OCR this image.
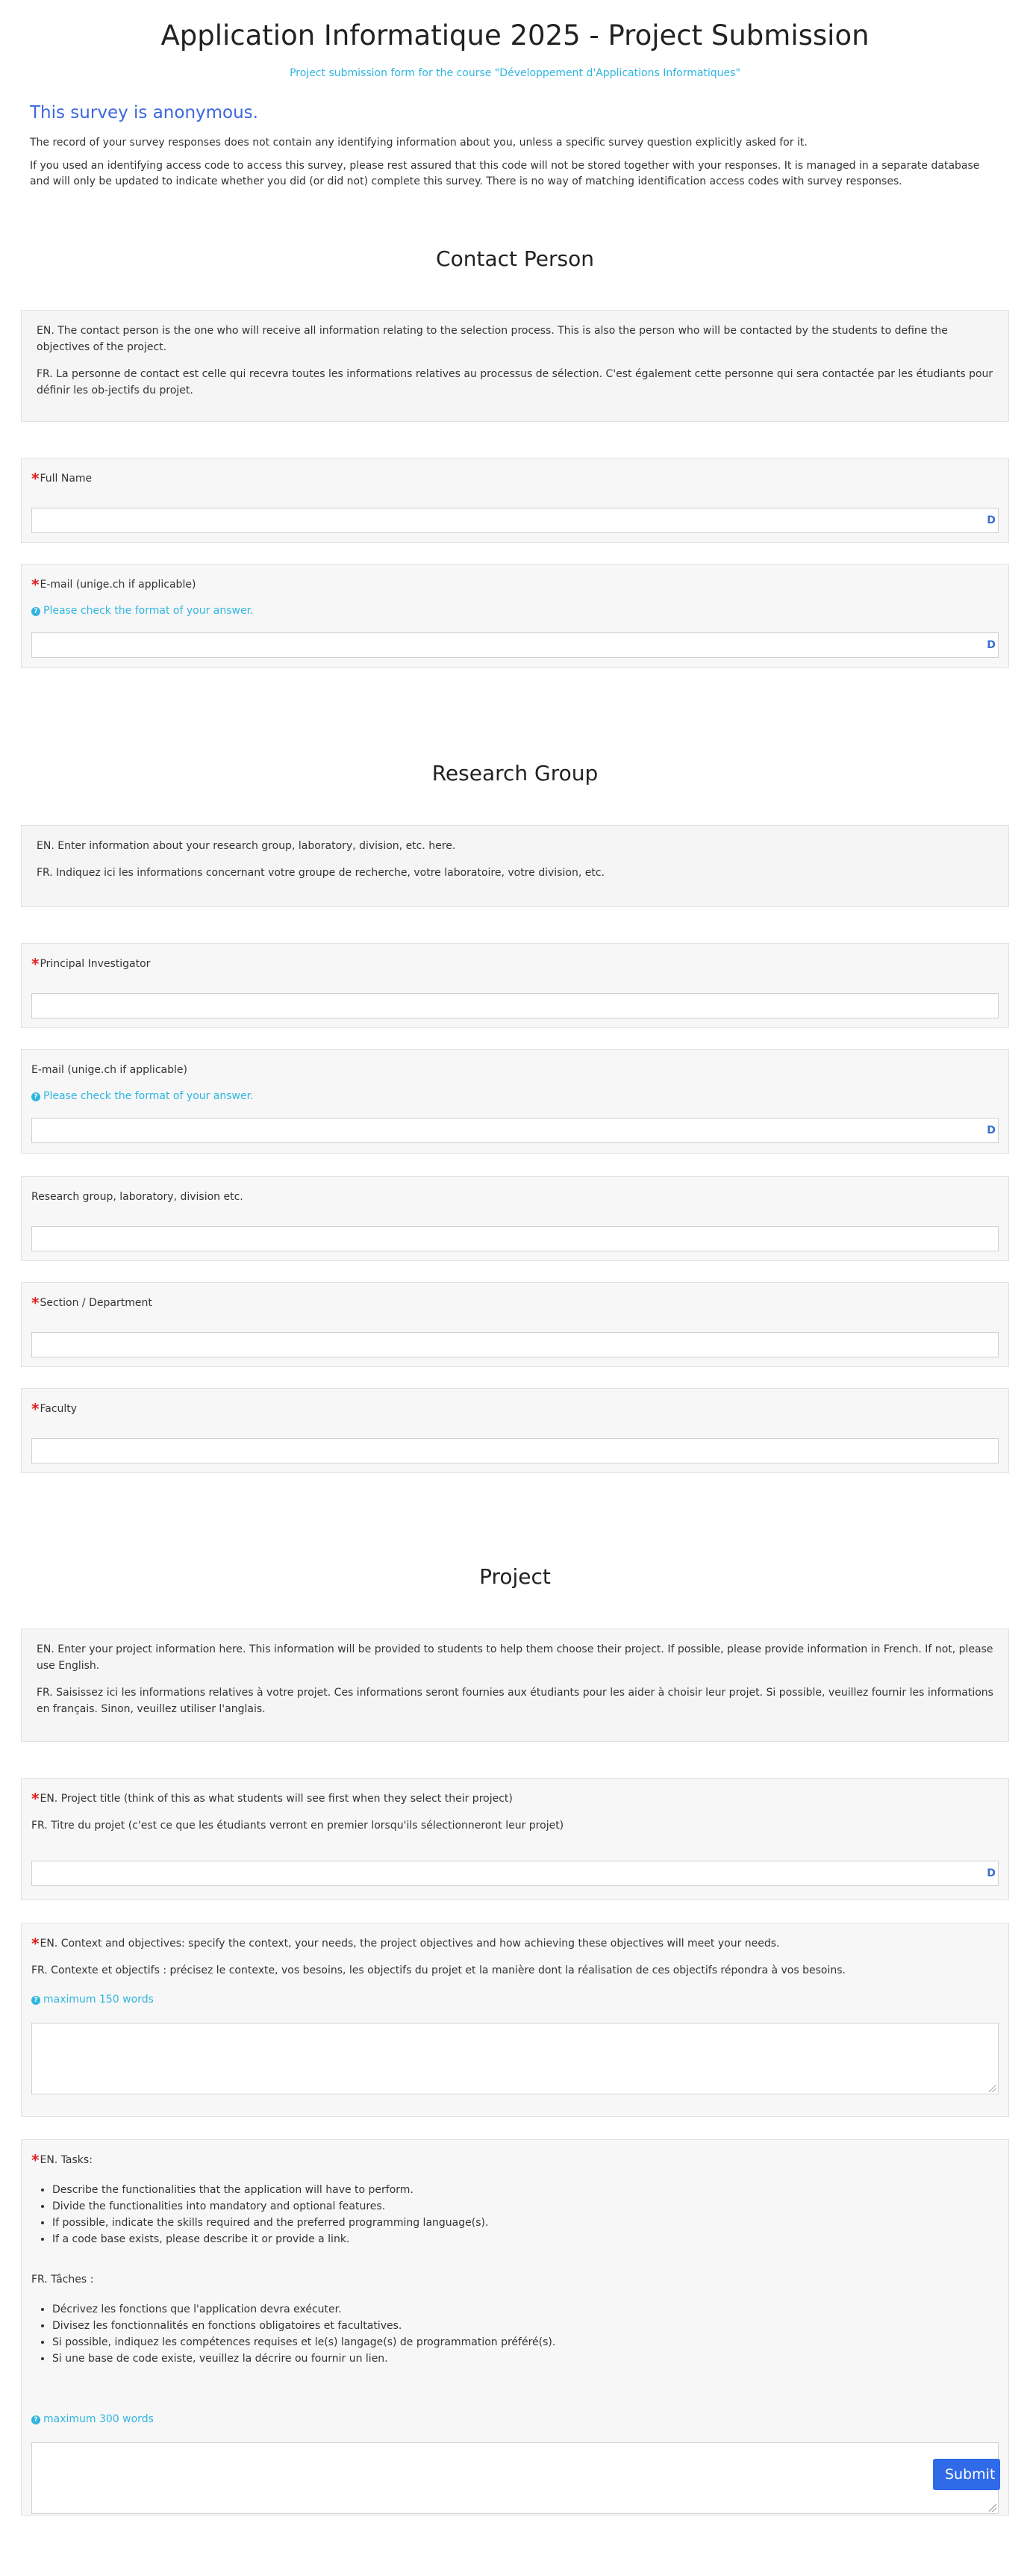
Application Informatique 2025 - Project Submission
Project submission form for the course "Développement d'Applications Informatiques"
This survey is anonymous.

The record of your survey responses does not contain any identifying information about you, unless a specific survey question explicitly asked for it.

If you used an identifying access code to access this survey, please rest assured that this code will not be stored together with your responses. It is managed in a separate database and will only be updated to indicate whether you did (or did not) complete this survey. There is no way of matching identification access codes with survey responses.

Contact Person

EN. The contact person is the one who will receive all information relating to the selection process. This is also the person who will be contacted by the students to define the objectives of the project.

FR. La personne de contact est celle qui recevra toutes les informations relatives au processus de sélection. C'est également cette personne qui sera contactée par les étudiants pour définir les ob-jectifs du projet.

*Full Name

D

*E-mail (unige.ch if applicable)

? Please check the format of your answer.
D
Research Group

EN. Enter information about your research group, laboratory, division, etc. here.

FR. Indiquez ici les informations concernant votre groupe de recherche, votre laboratoire, votre division, etc.

*Principal Investigator

E-mail (unige.ch if applicable)

? Please check the format of your answer.
D

Research group, laboratory, division etc.

*Section / Department

*Faculty

Project

EN. Enter your project information here. This information will be provided to students to help them choose their project. If possible, please provide information in French. If not, please use English.

FR. Saisissez ici les informations relatives à votre projet. Ces informations seront fournies aux étudiants pour les aider à choisir leur projet. Si possible, veuillez fournir les informations en français. Sinon, veuillez utiliser l'anglais.

*EN. Project title (think of this as what students will see first when they select their project)

FR. Titre du projet (c'est ce que les étudiants verront en premier lorsqu'ils sélectionneront leur projet)

D

*EN. Context and objectives: specify the context, your needs, the project objectives and how achieving these objectives will meet your needs.

FR. Contexte et objectifs : précisez le contexte, vos besoins, les objectifs du projet et la manière dont la réalisation de ces objectifs répondra à vos besoins.

? maximum 150 words

*EN. Tasks:

• Describe the functionalities that the application will have to perform.
• Divide the functionalities into mandatory and optional features.
• If possible, indicate the skills required and the preferred programming language(s).
• If a code base exists, please describe it or provide a link.

FR. Tâches :

• Décrivez les fonctions que l'application devra exécuter.
• Divisez les fonctionnalités en fonctions obligatoires et facultatives.
• Si possible, indiquez les compétences requises et le(s) langage(s) de programmation préféré(s).
• Si une base de code existe, veuillez la décrire ou fournir un lien.
? maximum 300 words
Submit
